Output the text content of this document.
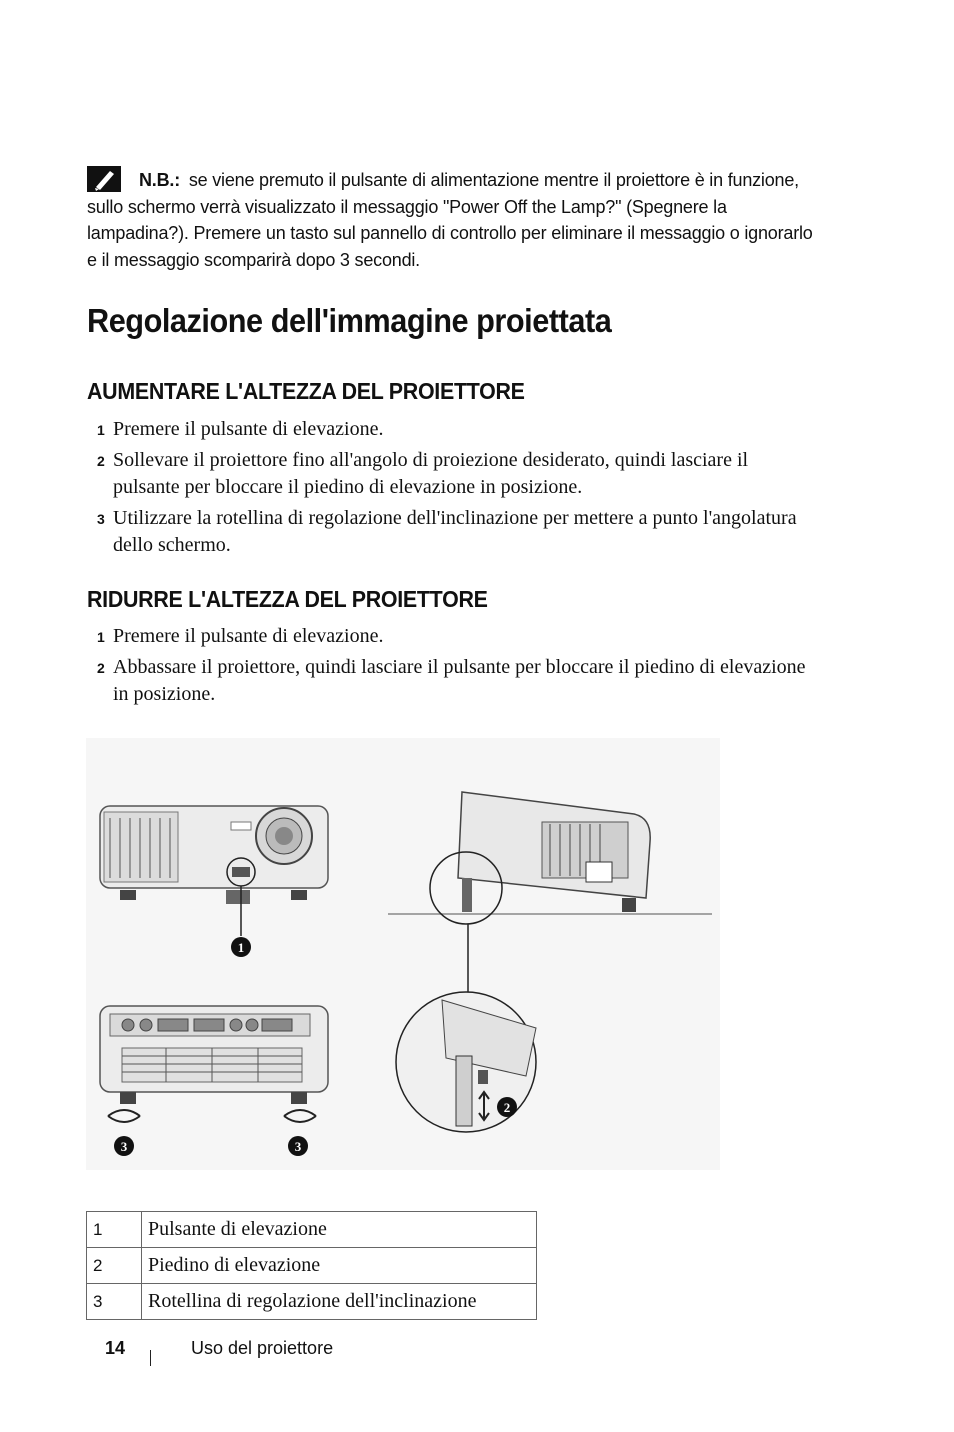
N.B.: se viene premuto il pulsante di alimentazione mentre il proiettore è in funzione, sullo schermo verrà visualizzato il messaggio "Power Off the Lamp?" (Spegnere la lampadina?). Premere un tasto sul pannello di controllo per eliminare il messaggio o ignorarlo e il messaggio scomparirà dopo 3 secondi.
Regolazione dell'immagine proiettata
AUMENTARE L'ALTEZZA DEL PROIETTORE
1 Premere il pulsante di elevazione.
2 Sollevare il proiettore fino all'angolo di proiezione desiderato, quindi lasciare il pulsante per bloccare il piedino di elevazione in posizione.
3 Utilizzare la rotellina di regolazione dell'inclinazione per mettere a punto l'angolatura dello schermo.
RIDURRE L'ALTEZZA DEL PROIETTORE
1 Premere il pulsante di elevazione.
2 Abbassare il proiettore, quindi lasciare il pulsante per bloccare il piedino di elevazione in posizione.
1
3	3
2
1	Pulsante di elevazione
2	Piedino di elevazione
3	Rotellina di regolazione dell'inclinazione
14	Uso del proiettore
